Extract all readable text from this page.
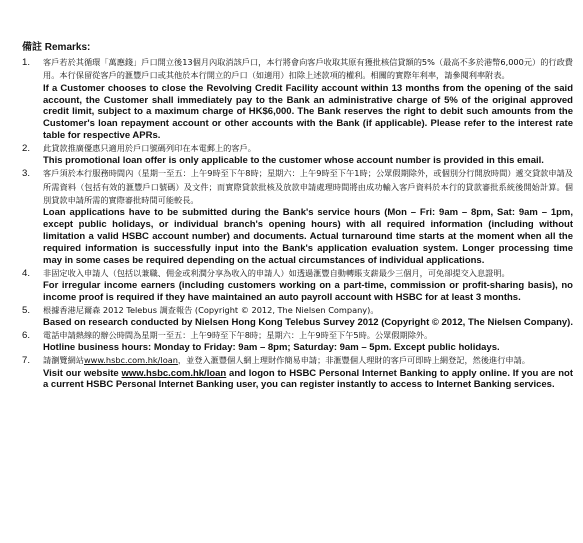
備註 Remarks:
1.	客戶若於其循環「萬應錢」戶口開立後13個月內取消該戶口，本行將會向客戶收取其原有獲批核信貸額的5%（最高不多於港幣6,000元）的行政費用。本行保留從客戶的滙豐戶口或其他於本行開立的戶口（如適用）扣除上述款項的權利。相關的實際年利率，請參閱利率附表。
If a Customer chooses to close the Revolving Credit Facility account within 13 months from the opening of the said account, the Customer shall immediately pay to the Bank an administrative charge of 5% of the original approved credit limit, subject to a maximum charge of HK$6,000. The Bank reserves the right to debit such amounts from the Customer's loan repayment account or other accounts with the Bank (if applicable). Please refer to the interest rate table for respective APRs.
2.	此貸款推廣優惠只適用於戶口號碼列印在本電郵上的客戶。
This promotional loan offer is only applicable to the customer whose account number is provided in this email.
3.	客戶須於本行服務時間內（星期一至五：上午9時至下午8時；星期六：上午9時至下午1時；公眾假期除外，或個別分行開放時間）遞交貸款申請及所需資料（包括有效的滙豐戶口號碼）及文件；而實際貸款批核及放款申請處理時間將由成功輸入客戶資料於本行的貸款審批系統後開始計算。個別貸款申請所需的實際審批時間可能較長。
Loan applications have to be submitted during the Bank's service hours (Mon – Fri: 9am – 8pm, Sat: 9am – 1pm, except public holidays, or individual branch's opening hours) with all required information (including without limitation a valid HSBC account number) and documents. Actual turnaround time starts at the moment when all the required information is successfully input into the Bank's application evaluation system. Longer processing time may in some cases be required depending on the actual circumstances of individual applications.
4.	非固定收入申請人（包括以兼職、佣金或利潤分享為收入的申請人）如透過滙豐自動轉賬支薪最少三個月，可免卻提交入息證明。
For irregular income earners (including customers working on a part-time, commission or profit-sharing basis), no income proof is required if they have maintained an auto payroll account with HSBC for at least 3 months.
5.	根據香港尼爾森 2012 Telebus 調查報告 (Copyright © 2012, The Nielsen Company)。
Based on research conducted by Nielsen Hong Kong Telebus Survey 2012 (Copyright © 2012, The Nielsen Company).
6.	電話申請熱線的辦公時間為星期一至五：上午9時至下午8時；星期六：上午9時至下午5時。公眾假期除外。
Hotline business hours: Monday to Friday: 9am – 8pm; Saturday: 9am – 5pm. Except public holidays.
7.	請瀏覽網站www.hsbc.com.hk/loan，並登入滙豐個人網上理財作簡易申請；非滙豐個人理財的客戶可即時上網登記，然後進行申請。
Visit our website www.hsbc.com.hk/loan and logon to HSBC Personal Internet Banking to apply online. If you are not a current HSBC Personal Internet Banking user, you can register instantly to access to Internet Banking services.
